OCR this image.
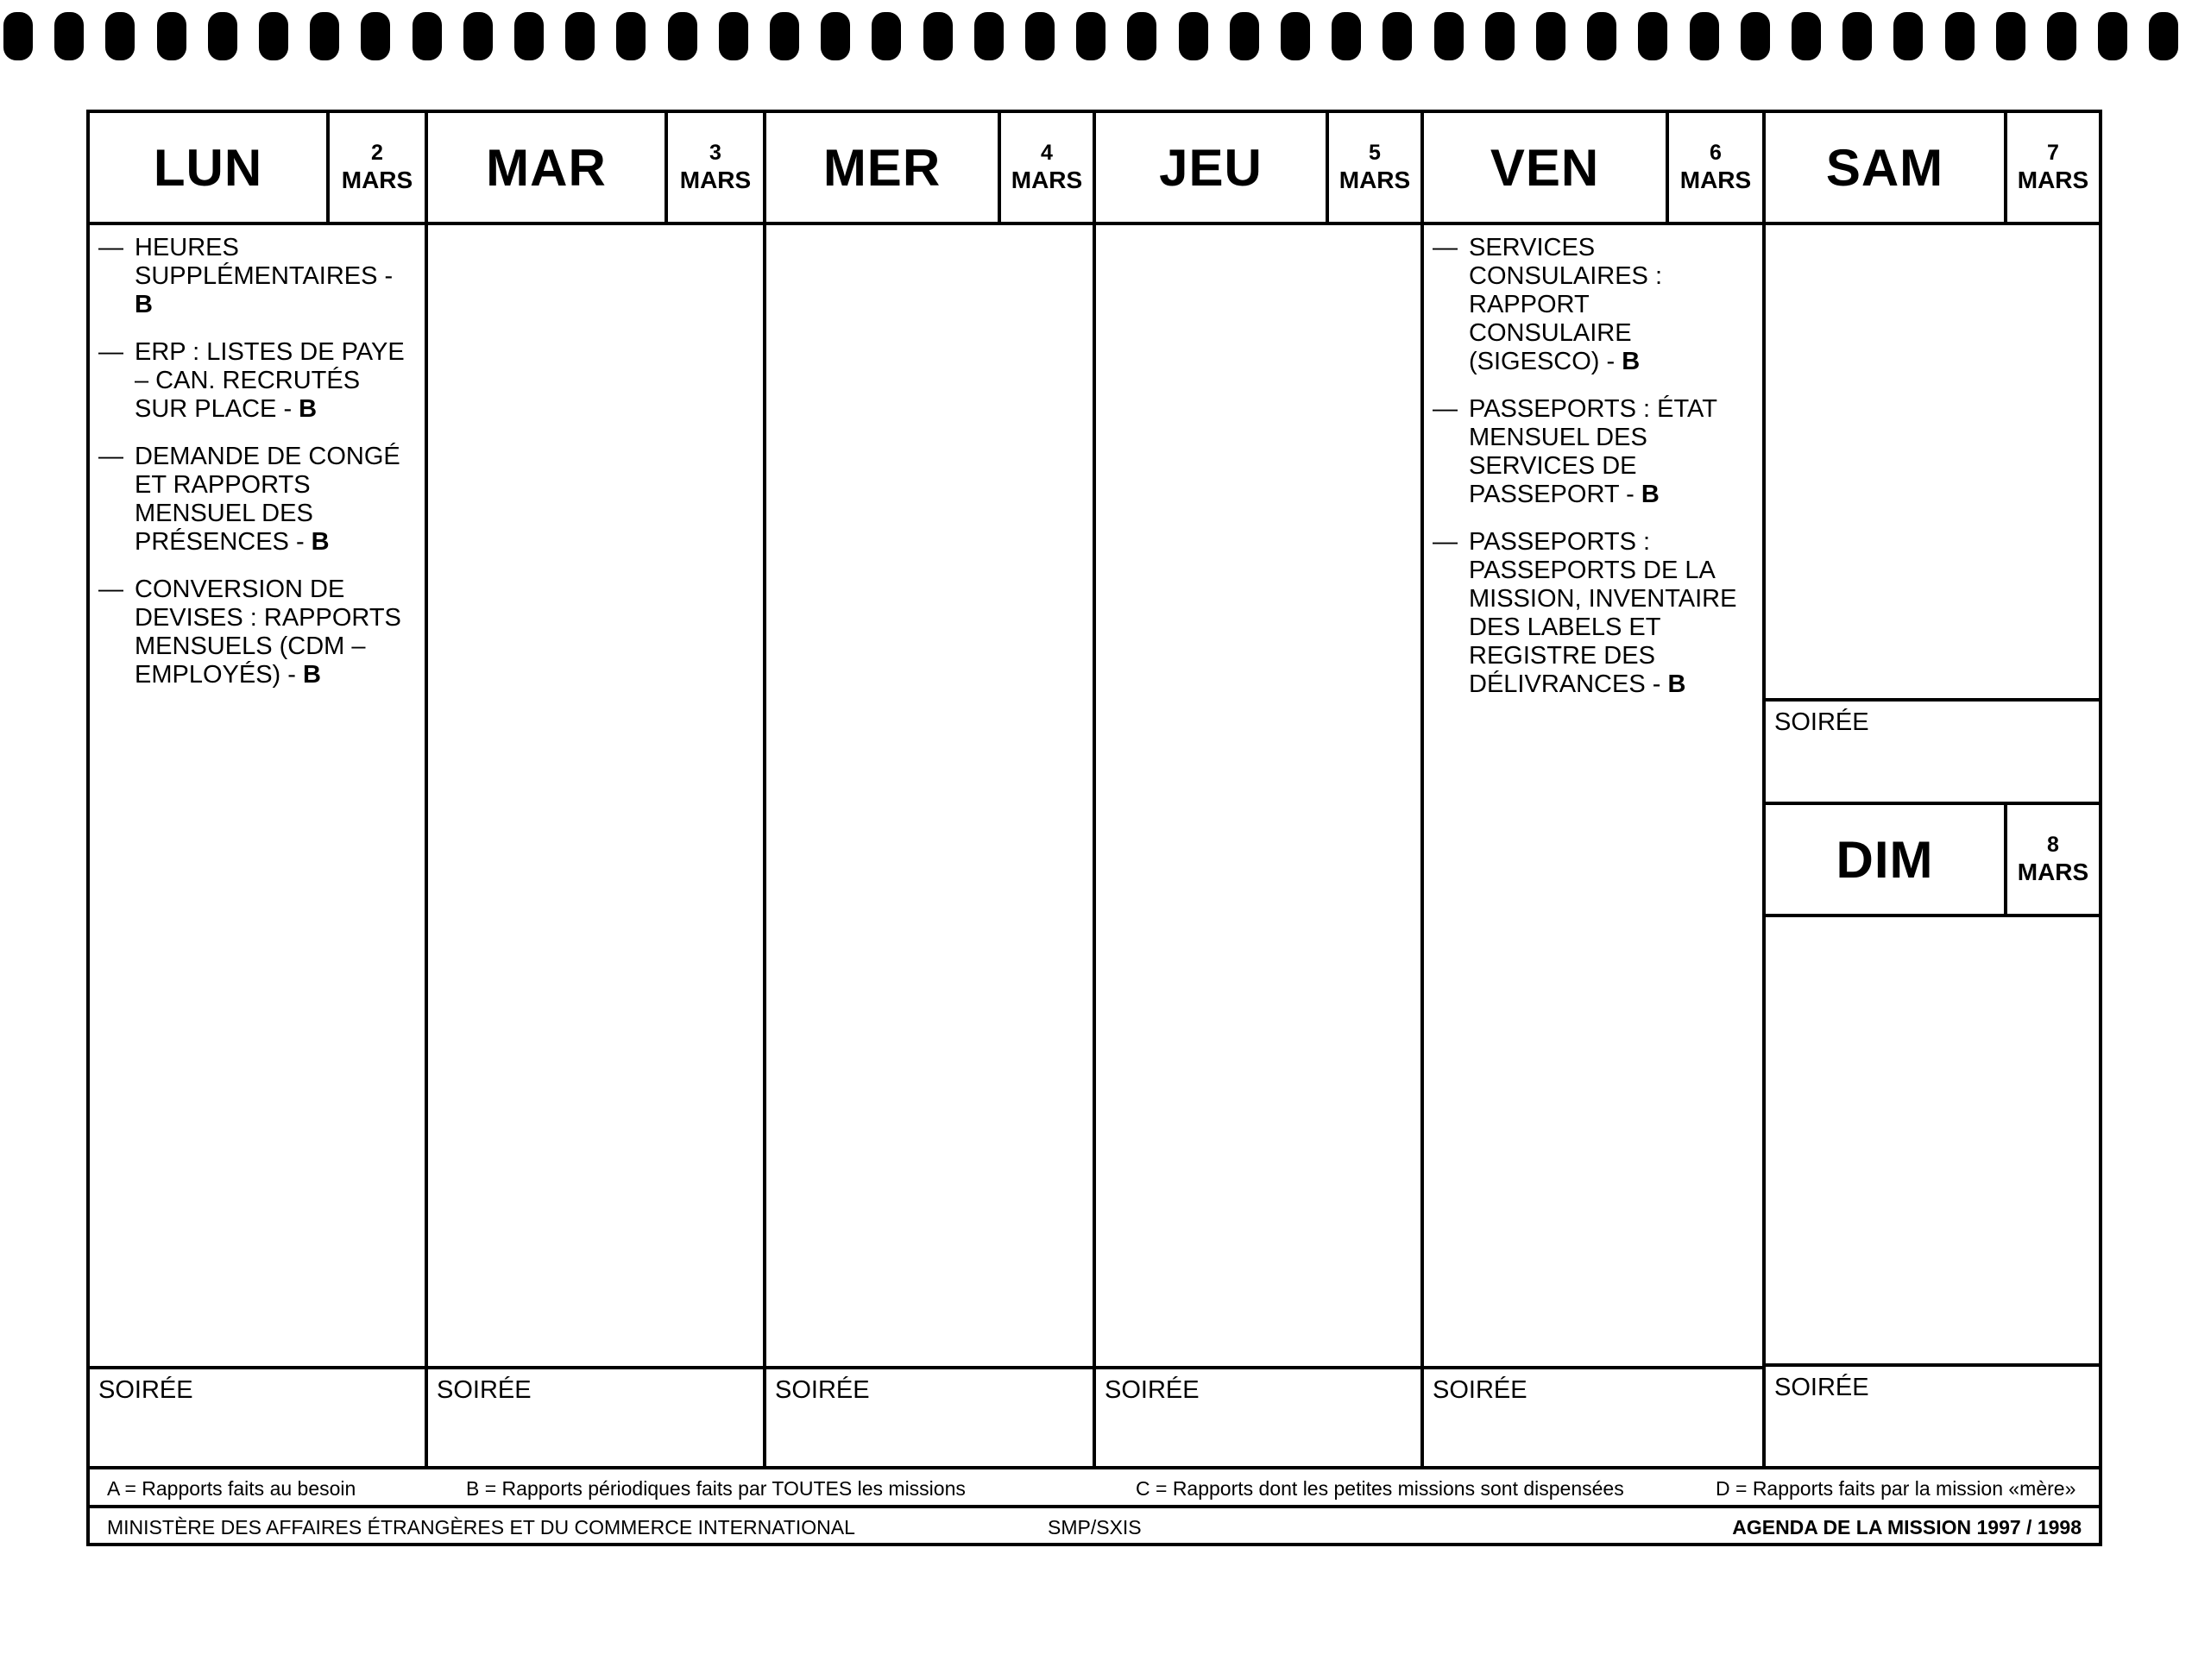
LUN	2
MARS
— HEURES SUPPLÉMENTAIRES - B
— ERP : LISTES DE PAYE – CAN. RECRUTÉS SUR PLACE - B
— DEMANDE DE CONGÉ ET RAPPORTS MENSUEL DES PRÉSENCES - B
— CONVERSION DE DEVISES : RAPPORTS MENSUELS (CDM – EMPLOYÉS) - B
SOIRÉE
MAR	3
MARS
SOIRÉE
MER	4
MARS
SOIRÉE
JEU	5
MARS
SOIRÉE
VEN	6
MARS
— SERVICES CONSULAIRES : RAPPORT CONSULAIRE (SIGESCO) - B
— PASSEPORTS : ÉTAT MENSUEL DES SERVICES DE PASSEPORT - B
— PASSEPORTS : PASSEPORTS DE LA MISSION, INVENTAIRE DES LABELS ET REGISTRE DES DÉLIVRANCES - B
SOIRÉE
SAM	7
MARS
SOIRÉE
DIM	8
MARS
SOIRÉE
A = Rapports faits au besoin	B = Rapports périodiques faits par TOUTES les missions	C = Rapports dont les petites missions sont dispensées	D = Rapports faits par la mission «mère»
MINISTÈRE DES AFFAIRES ÉTRANGÈRES ET DU COMMERCE INTERNATIONAL	SMP/SXIS	AGENDA DE LA MISSION 1997 / 1998
